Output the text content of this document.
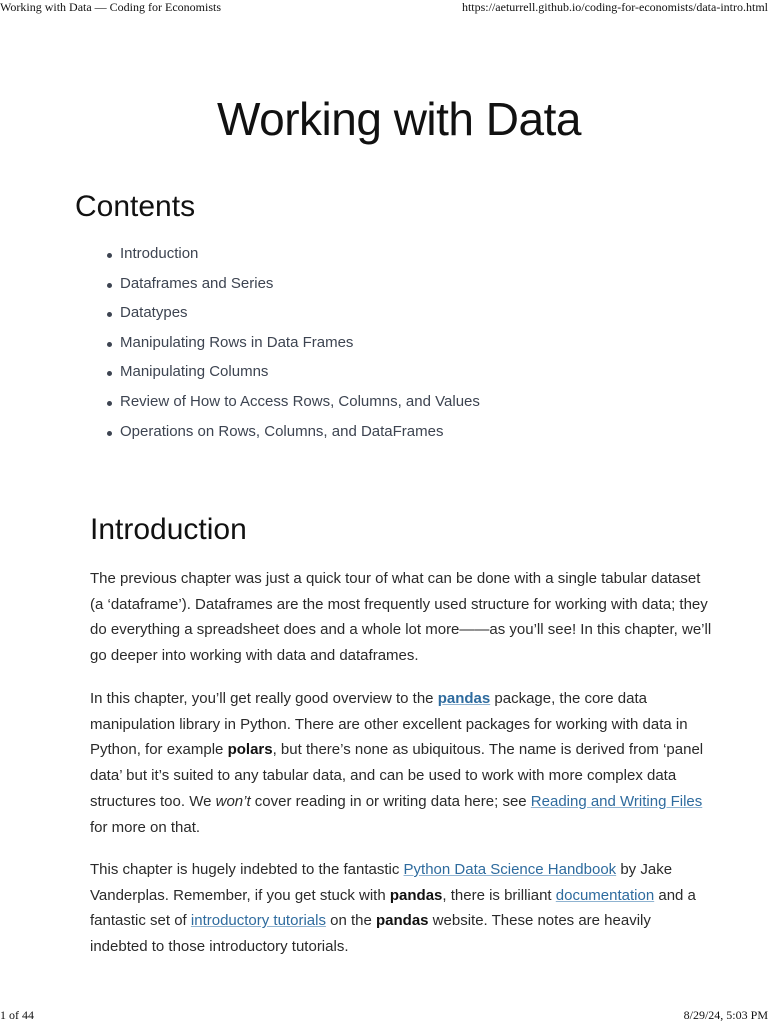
Working with Data — Coding for Economists	https://aeturrell.github.io/coding-for-economists/data-intro.html
Working with Data
Contents
Introduction
Dataframes and Series
Datatypes
Manipulating Rows in Data Frames
Manipulating Columns
Review of How to Access Rows, Columns, and Values
Operations on Rows, Columns, and DataFrames
Introduction

The previous chapter was just a quick tour of what can be done with a single tabular dataset (a ‘dataframe’). Dataframes are the most frequently used structure for working with data; they do everything a spreadsheet does and a whole lot more——as you’ll see! In this chapter, we’ll go deeper into working with data and dataframes.

In this chapter, you’ll get really good overview to the pandas package, the core data manipulation library in Python. There are other excellent packages for working with data in Python, for example polars, but there’s none as ubiquitous. The name is derived from ‘panel data’ but it’s suited to any tabular data, and can be used to work with more complex data structures too. We won’t cover reading in or writing data here; see Reading and Writing Files for more on that.

This chapter is hugely indebted to the fantastic Python Data Science Handbook by Jake Vanderplas. Remember, if you get stuck with pandas, there is brilliant documentation and a fantastic set of introductory tutorials on the pandas website. These notes are heavily indebted to those introductory tutorials.

1 of 44	8/29/24, 5:03 PM
